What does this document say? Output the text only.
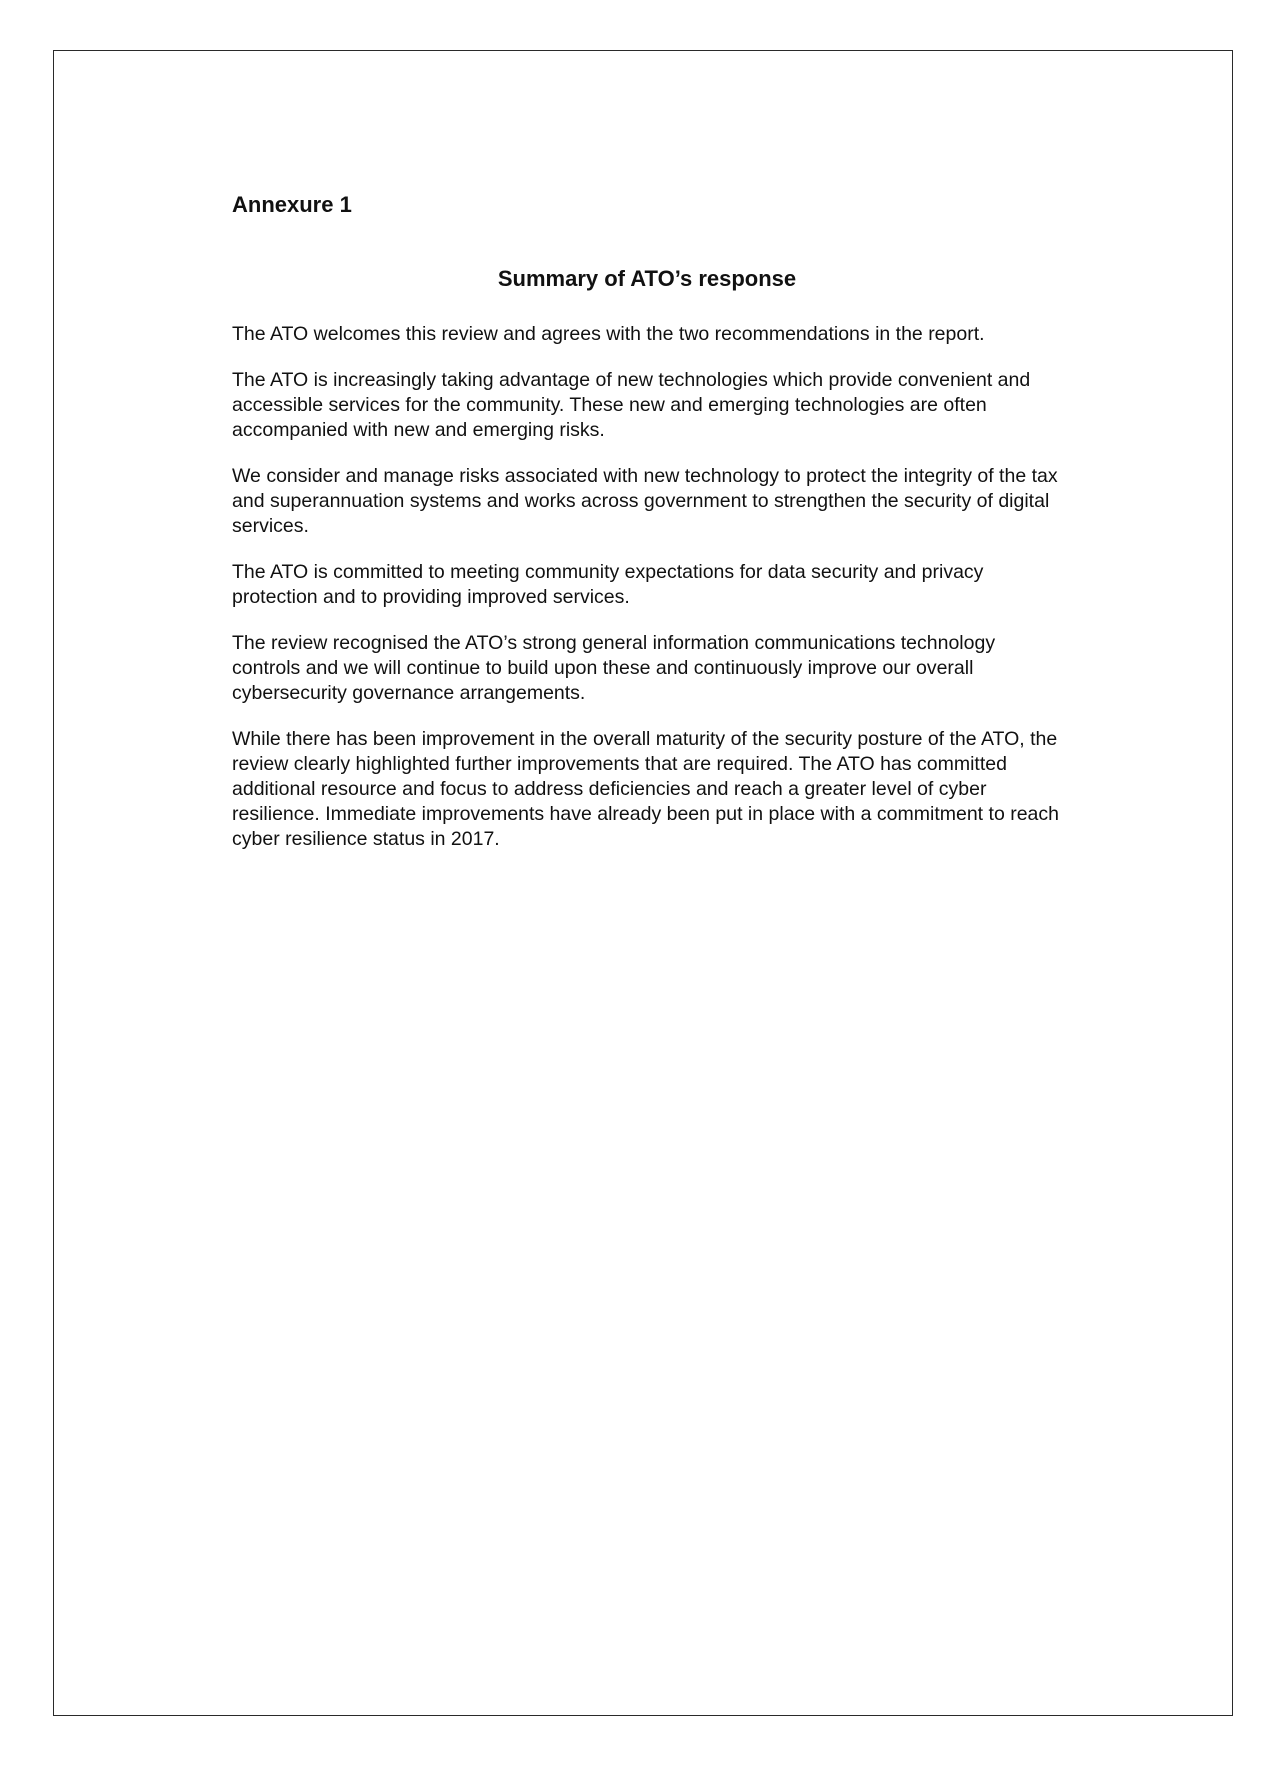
Annexure 1
Summary of ATO’s response

The ATO welcomes this review and agrees with the two recommendations in the report.

The ATO is increasingly taking advantage of new technologies which provide convenient and accessible services for the community. These new and emerging technologies are often accompanied with new and emerging risks.

We consider and manage risks associated with new technology to protect the integrity of the tax and superannuation systems and works across government to strengthen the security of digital services.

The ATO is committed to meeting community expectations for data security and privacy protection and to providing improved services.

The review recognised the ATO’s strong general information communications technology controls and we will continue to build upon these and continuously improve our overall cybersecurity governance arrangements.

While there has been improvement in the overall maturity of the security posture of the ATO, the review clearly highlighted further improvements that are required. The ATO has committed additional resource and focus to address deficiencies and reach a greater level of cyber resilience. Immediate improvements have already been put in place with a commitment to reach cyber resilience status in 2017.
